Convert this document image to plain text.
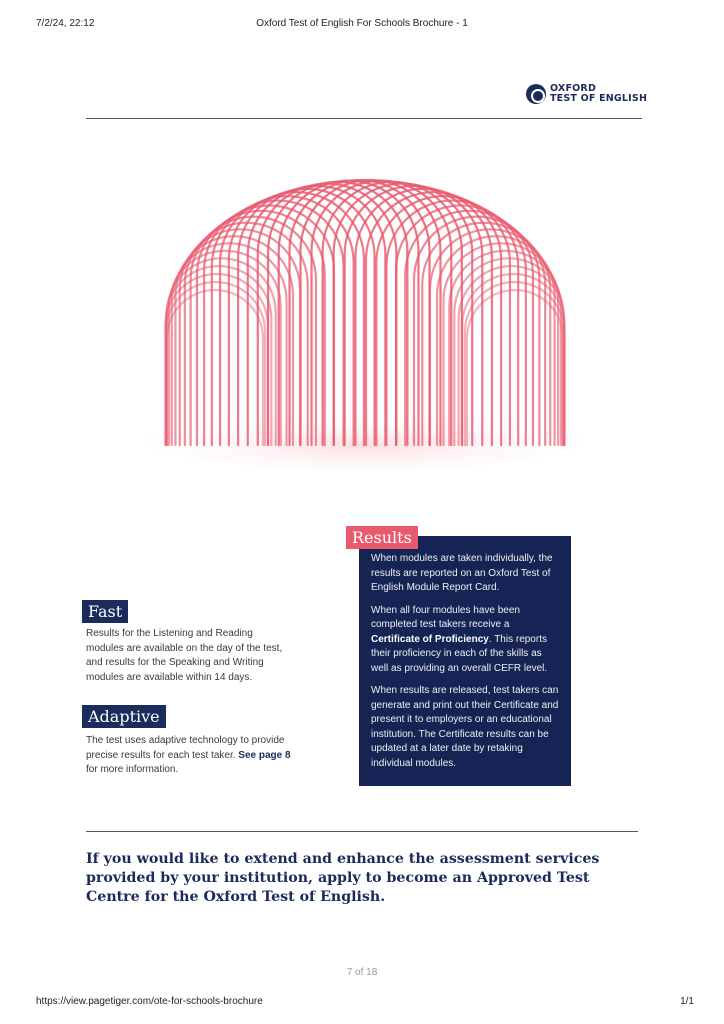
Oxford Test of English For Schools Brochure - 1
7/2/24, 22:12
OXFORD
TEST OF ENGLISH

When modules are taken individually, the results are reported on an Oxford Test of English Module Report Card.

When all four modules have been completed test takers receive a Certificate of Proficiency. This reports their proficiency in each of the skills as well as providing an overall CEFR level.

When results are released, test takers can generate and print out their Certificate and present it to employers or an educational institution. The Certificate results can be updated at a later date by retaking individual modules.

Results
Fast
Results for the Listening and Reading modules are available on the day of the test, and results for the Speaking and Writing modules are available within 14 days.
Adaptive
The test uses adaptive technology to provide precise results for each test taker. See page 8 for more information.
If you would like to extend and enhance the assessment services provided by your institution, apply to become an Approved Test Centre for the Oxford Test of English.
7 of 18
https://view.pagetiger.com/ote-for-schools-brochure	1/1
